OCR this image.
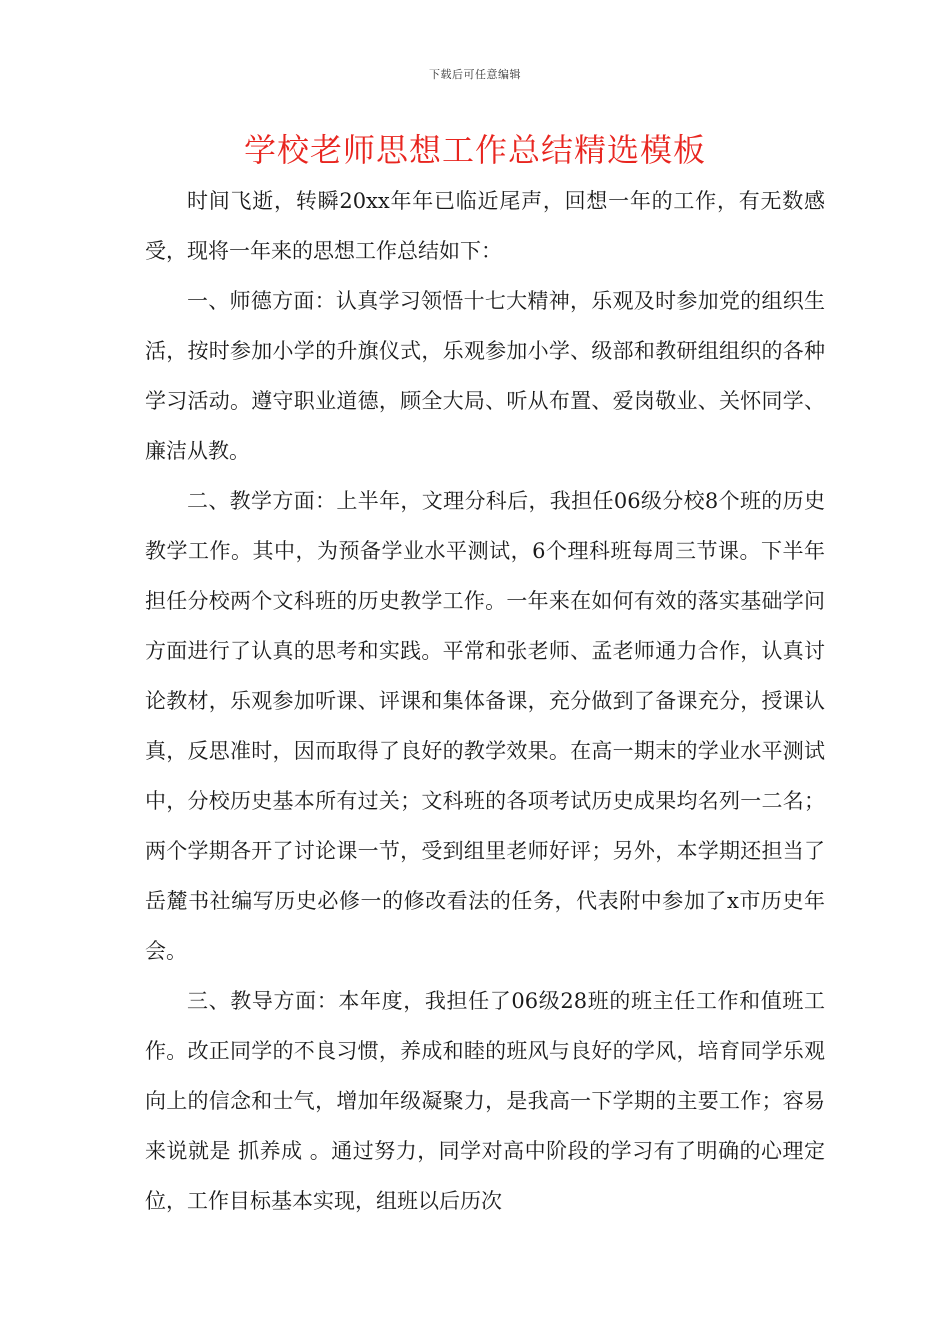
下载后可任意编辑
学校老师思想工作总结精选模板

时间飞逝，转瞬20xx年年已临近尾声，回想一年的工作，有无数感受，现将一年来的思想工作总结如下：

一、师德方面：认真学习领悟十七大精神，乐观及时参加党的组织生活，按时参加小学的升旗仪式，乐观参加小学、级部和教研组组织的各种学习活动。遵守职业道德，顾全大局、听从布置、爱岗敬业、关怀同学、廉洁从教。

二、教学方面：上半年，文理分科后，我担任06级分校8个班的历史教学工作。其中，为预备学业水平测试，6个理科班每周三节课。下半年担任分校两个文科班的历史教学工作。一年来在如何有效的落实基础学问方面进行了认真的思考和实践。平常和张老师、孟老师通力合作，认真讨论教材，乐观参加听课、评课和集体备课，充分做到了备课充分，授课认真，反思准时，因而取得了良好的教学效果。在高一期末的学业水平测试中，分校历史基本所有过关；文科班的各项考试历史成果均名列一二名；两个学期各开了讨论课一节，受到组里老师好评；另外，本学期还担当了岳麓书社编写历史必修一的修改看法的任务，代表附中参加了x市历史年会。

三、教导方面：本年度，我担任了06级28班的班主任工作和值班工作。改正同学的不良习惯，养成和睦的班风与良好的学风，培育同学乐观向上的信念和士气，增加年级凝聚力，是我高一下学期的主要工作；容易来说就是 抓养成 。通过努力，同学对高中阶段的学习有了明确的心理定位，工作目标基本实现，组班以后历次
